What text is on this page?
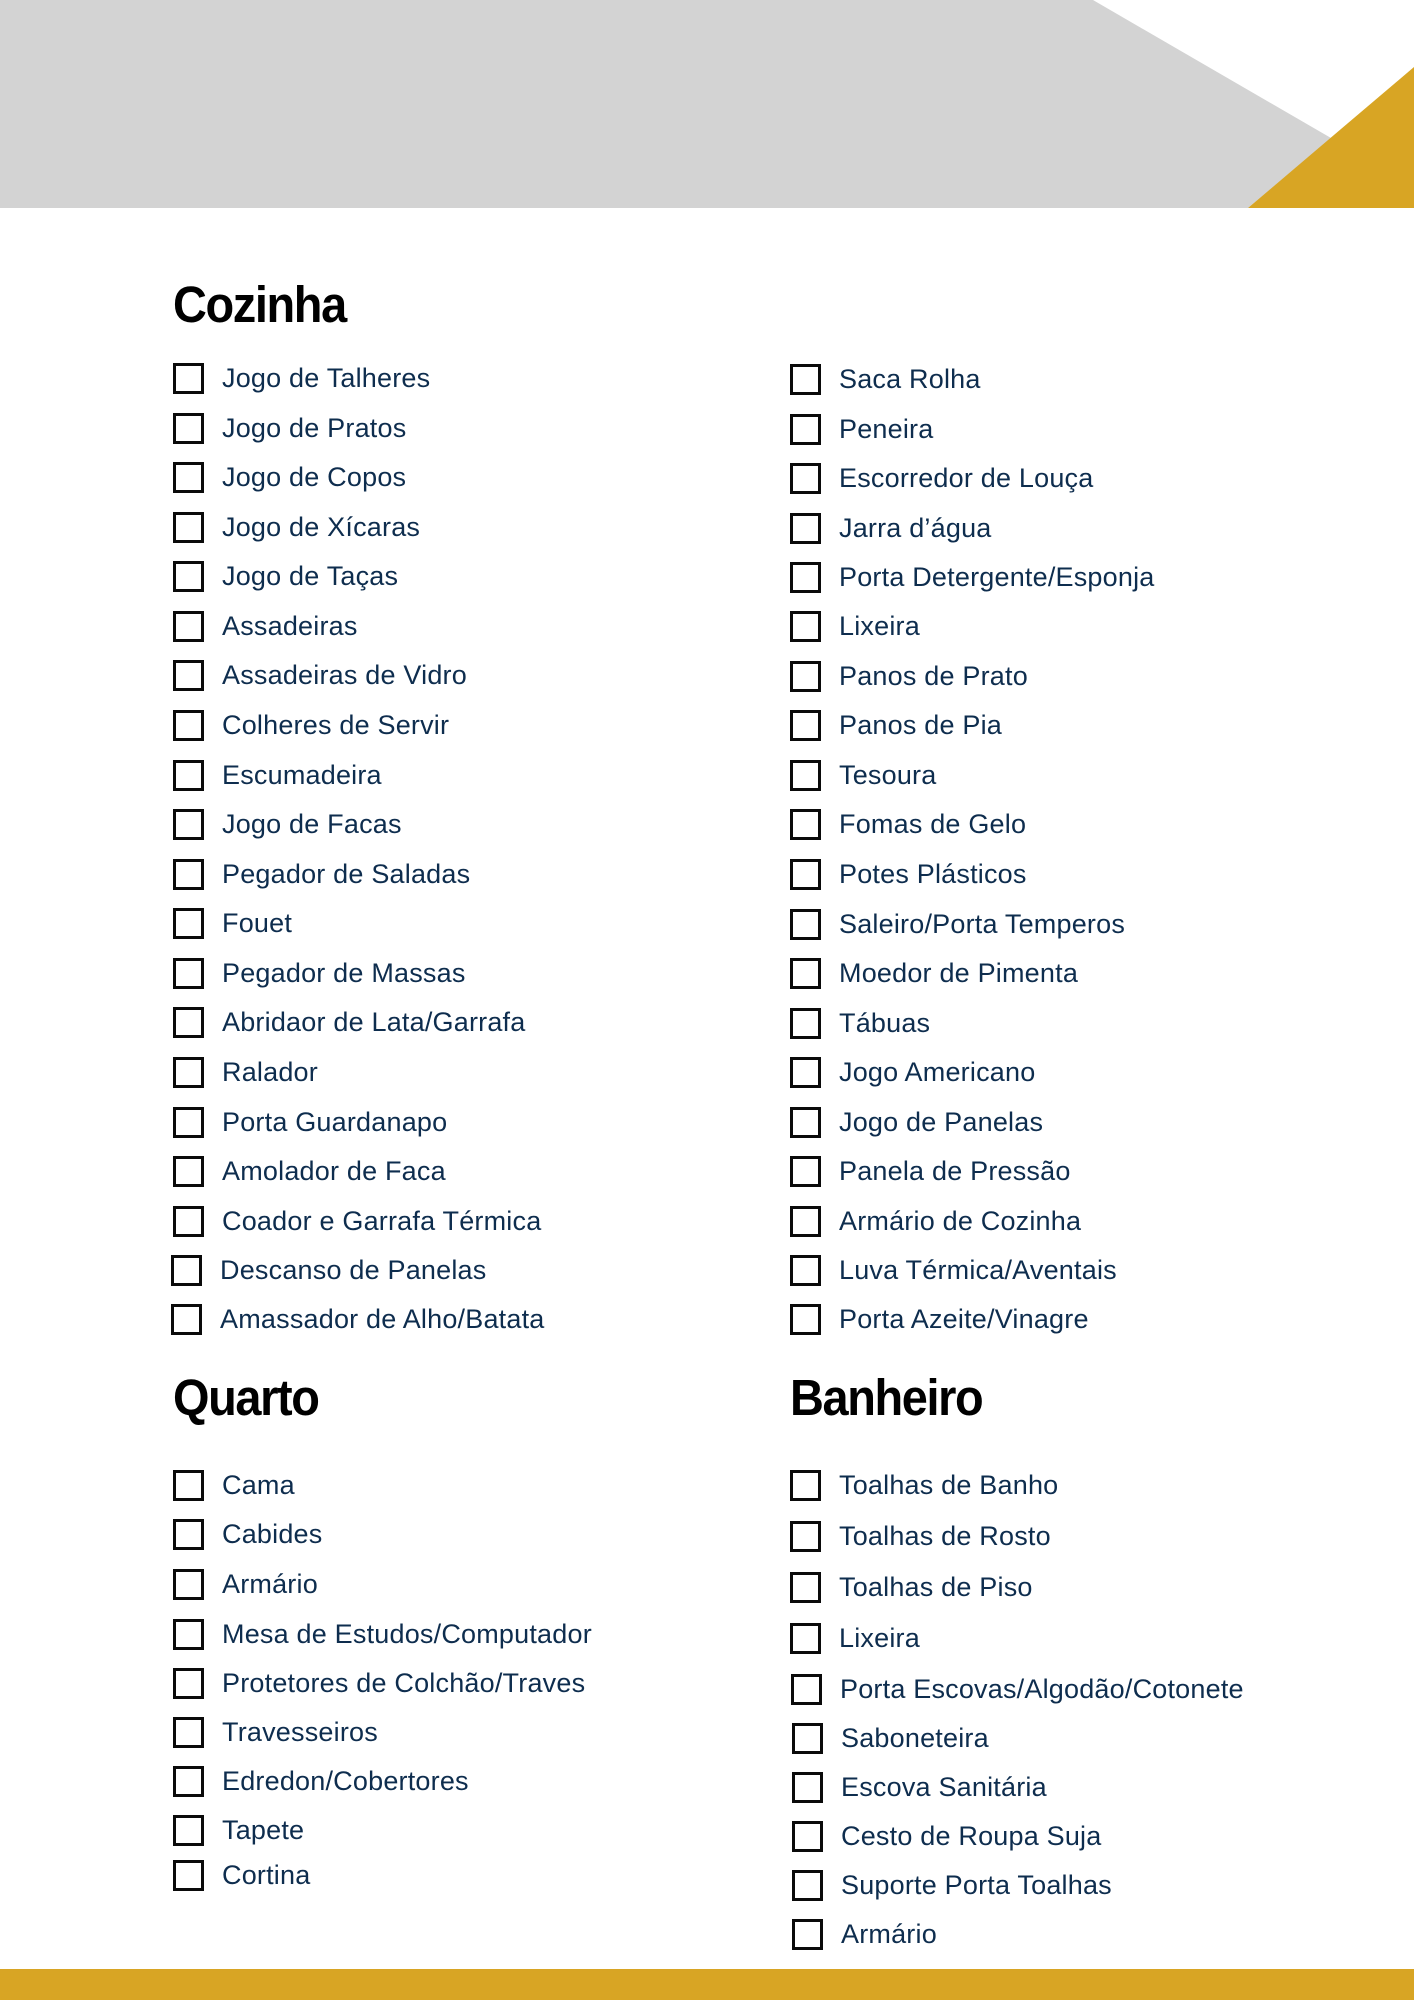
Cozinha
Jogo de Talheres
Jogo de Pratos
Jogo de Copos
Jogo de Xícaras
Jogo de Taças
Assadeiras
Assadeiras de Vidro
Colheres de Servir
Escumadeira
Jogo de Facas
Pegador de Saladas
Fouet
Pegador de Massas
Abridaor de Lata/Garrafa
Ralador
Porta Guardanapo
Amolador de Faca
Coador e Garrafa Térmica
Descanso de Panelas
Amassador de Alho/Batata
Saca Rolha
Peneira
Escorredor de Louça
Jarra d’água
Porta Detergente/Esponja
Lixeira
Panos de Prato
Panos de Pia
Tesoura
Fomas de Gelo
Potes Plásticos
Saleiro/Porta Temperos
Moedor de Pimenta
Tábuas
Jogo Americano
Jogo de Panelas
Panela de Pressão
Armário de Cozinha
Luva Térmica/Aventais
Porta Azeite/Vinagre
Quarto
Cama
Cabides
Armário
Mesa de Estudos/Computador
Protetores de Colchão/Traves
Travesseiros
Edredon/Cobertores
Tapete
Cortina
Banheiro
Toalhas de Banho
Toalhas de Rosto
Toalhas de Piso
Lixeira
Porta Escovas/Algodão/Cotonete
Saboneteira
Escova Sanitária
Cesto de Roupa Suja
Suporte Porta Toalhas
Armário
